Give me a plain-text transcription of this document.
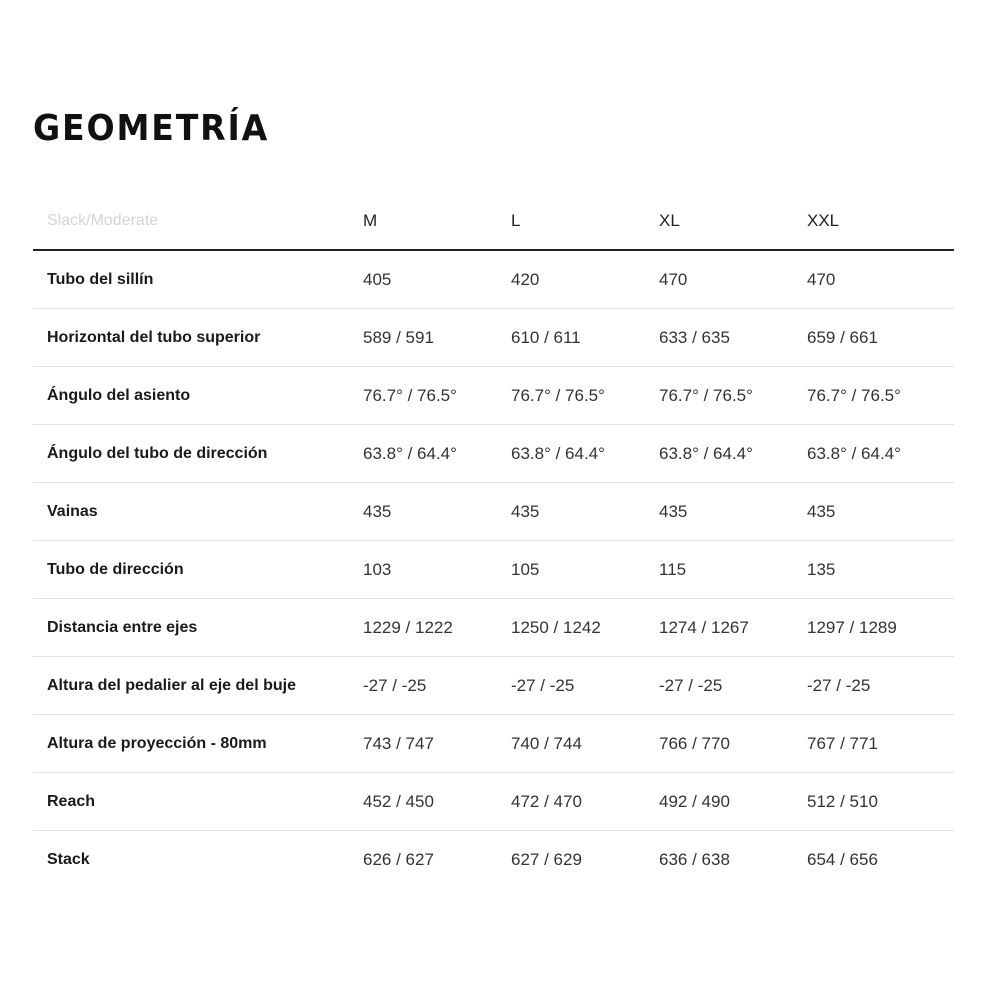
GEOMETRÍA
Slack/Moderate	M	L	XL	XXL
Tubo del sillín	405	420	470	470
Horizontal del tubo superior	589 / 591	610 / 611	633 / 635	659 / 661
Ángulo del asiento	76.7° / 76.5°	76.7° / 76.5°	76.7° / 76.5°	76.7° / 76.5°
Ángulo del tubo de dirección	63.8° / 64.4°	63.8° / 64.4°	63.8° / 64.4°	63.8° / 64.4°
Vainas	435	435	435	435
Tubo de dirección	103	105	115	135
Distancia entre ejes	1229 / 1222	1250 / 1242	1274 / 1267	1297 / 1289
Altura del pedalier al eje del buje	-27 / -25	-27 / -25	-27 / -25	-27 / -25
Altura de proyección - 80mm	743 / 747	740 / 744	766 / 770	767 / 771
Reach	452 / 450	472 / 470	492 / 490	512 / 510
Stack	626 / 627	627 / 629	636 / 638	654 / 656
